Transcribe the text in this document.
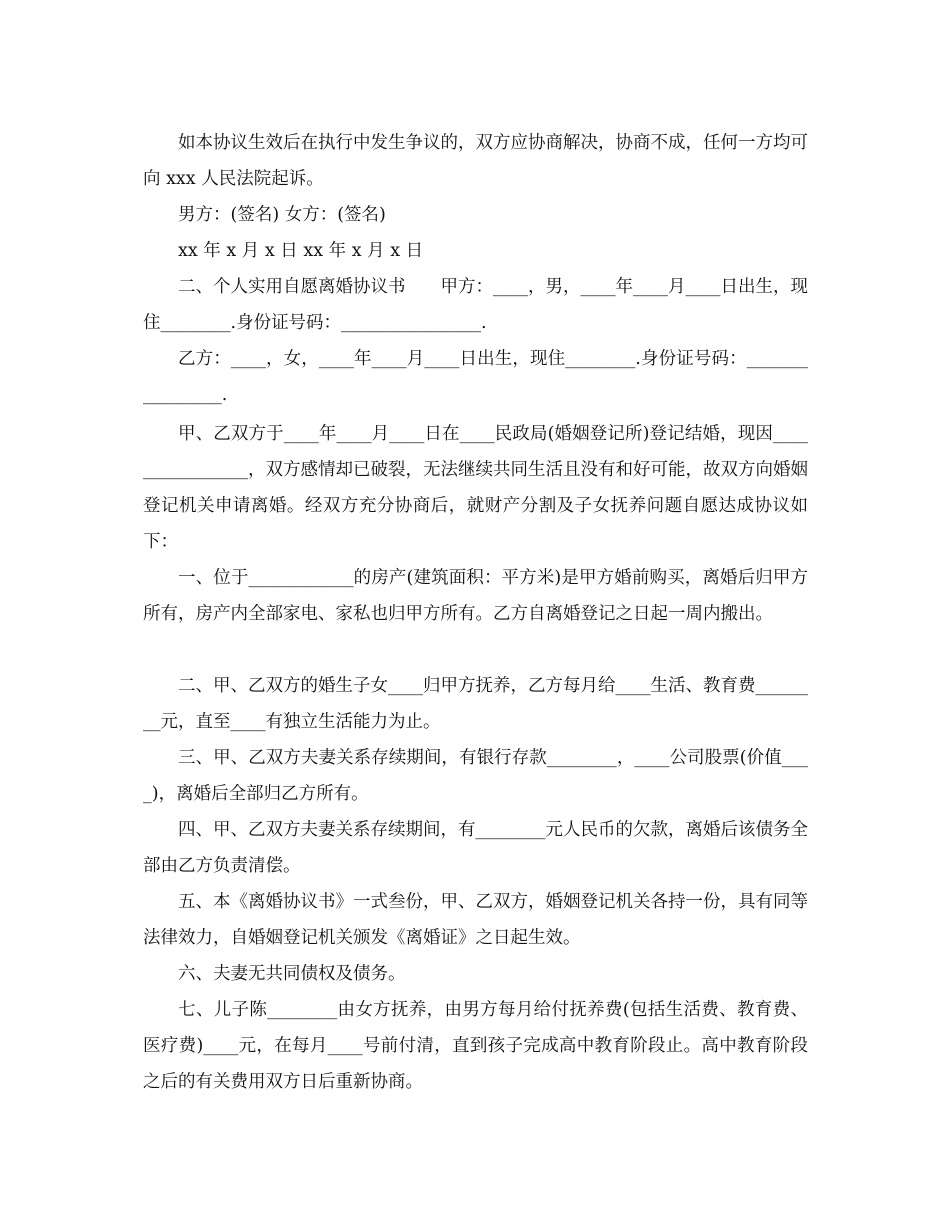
如本协议生效后在执行中发生争议的，双方应协商解决，协商不成，任何一方均可向 xxx 人民法院起诉。

男方：(签名) 女方：(签名)

xx 年 x 月 x 日 xx 年 x 月 x 日

二、个人实用自愿离婚协议书　　甲方：____，男，____年____月____日出生，现住________.身份证号码：________________.

乙方：____，女，____年____月____日出生，现住________.身份证号码：________________.

甲、乙双方于____年____月____日在____民政局(婚姻登记所)登记结婚，现因________________，双方感情却已破裂，无法继续共同生活且没有和好可能，故双方向婚姻登记机关申请离婚。经双方充分协商后，就财产分割及子女抚养问题自愿达成协议如下：

一、位于____________的房产(建筑面积：平方米)是甲方婚前购买，离婚后归甲方所有，房产内全部家电、家私也归甲方所有。乙方自离婚登记之日起一周内搬出。

二、甲、乙双方的婚生子女____归甲方抚养，乙方每月给____生活、教育费________元，直至____有独立生活能力为止。

三、甲、乙双方夫妻关系存续期间，有银行存款________，____公司股票(价值____)，离婚后全部归乙方所有。

四、甲、乙双方夫妻关系存续期间，有________元人民币的欠款，离婚后该债务全部由乙方负责清偿。

五、本《离婚协议书》一式叁份，甲、乙双方，婚姻登记机关各持一份，具有同等法律效力，自婚姻登记机关颁发《离婚证》之日起生效。

六、夫妻无共同债权及债务。

七、儿子陈________由女方抚养，由男方每月给付抚养费(包括生活费、教育费、医疗费)____元，在每月____号前付清，直到孩子完成高中教育阶段止。高中教育阶段之后的有关费用双方日后重新协商。
